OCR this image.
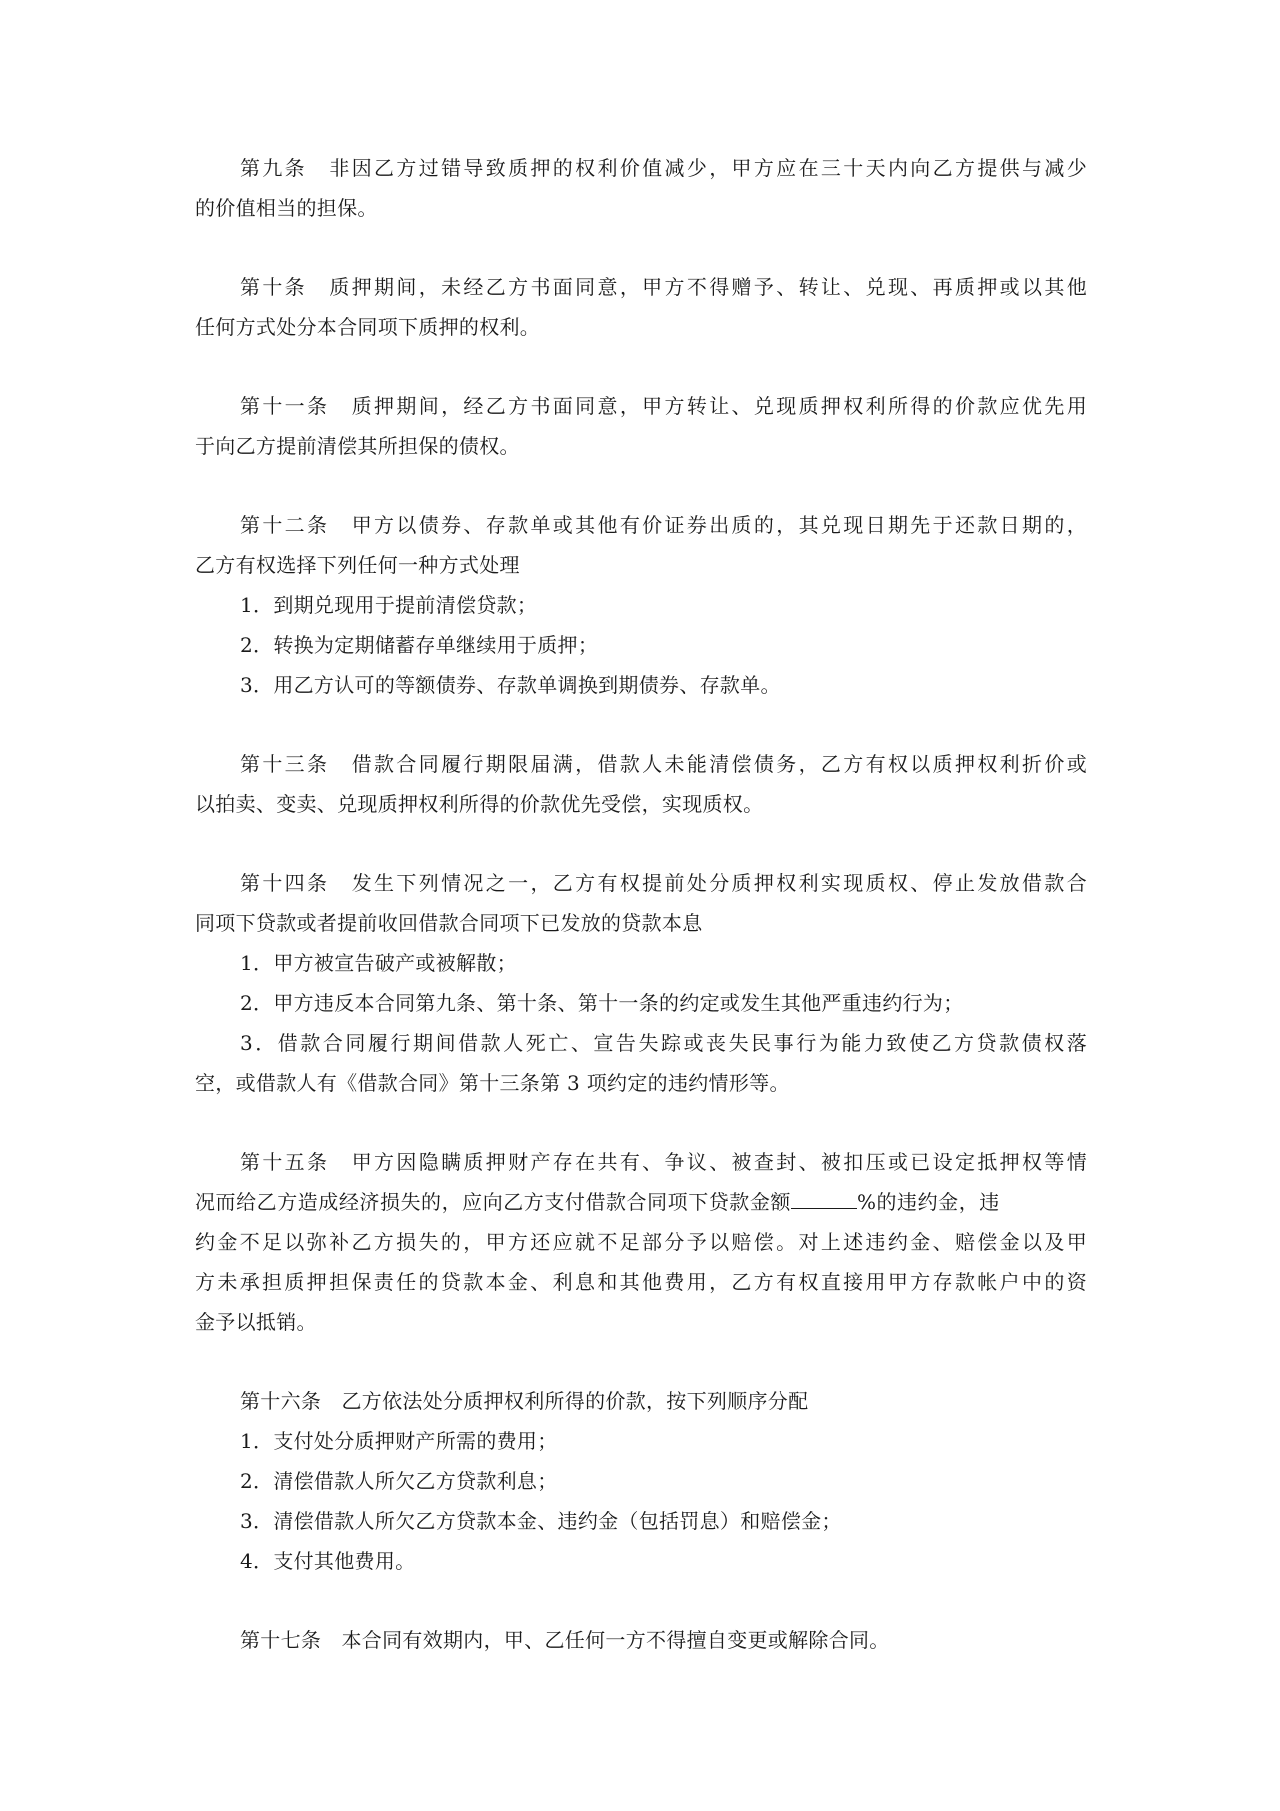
第九条　非因乙方过错导致质押的权利价值减少，甲方应在三十天内向乙方提供与减少
的价值相当的担保。
第十条　质押期间，未经乙方书面同意，甲方不得赠予、转让、兑现、再质押或以其他
任何方式处分本合同项下质押的权利。
第十一条　质押期间，经乙方书面同意，甲方转让、兑现质押权利所得的价款应优先用
于向乙方提前清偿其所担保的债权。
第十二条　甲方以债券、存款单或其他有价证券出质的，其兑现日期先于还款日期的，
乙方有权选择下列任何一种方式处理
1．到期兑现用于提前清偿贷款；
2．转换为定期储蓄存单继续用于质押；
3．用乙方认可的等额债券、存款单调换到期债券、存款单。
第十三条　借款合同履行期限届满，借款人未能清偿债务，乙方有权以质押权利折价或
以拍卖、变卖、兑现质押权利所得的价款优先受偿，实现质权。
第十四条　发生下列情况之一，乙方有权提前处分质押权利实现质权、停止发放借款合
同项下贷款或者提前收回借款合同项下已发放的贷款本息
1．甲方被宣告破产或被解散；
2．甲方违反本合同第九条、第十条、第十一条的约定或发生其他严重违约行为；
3．借款合同履行期间借款人死亡、宣告失踪或丧失民事行为能力致使乙方贷款债权落
空，或借款人有《借款合同》第十三条第 3 项约定的违约情形等。
第十五条　甲方因隐瞒质押财产存在共有、争议、被查封、被扣压或已设定抵押权等情
况而给乙方造成经济损失的，应向乙方支付借款合同项下贷款金额	%的违约金，违
约金不足以弥补乙方损失的，甲方还应就不足部分予以赔偿。对上述违约金、赔偿金以及甲
方未承担质押担保责任的贷款本金、利息和其他费用，乙方有权直接用甲方存款帐户中的资
金予以抵销。
第十六条　乙方依法处分质押权利所得的价款，按下列顺序分配
1．支付处分质押财产所需的费用；
2．清偿借款人所欠乙方贷款利息；
3．清偿借款人所欠乙方贷款本金、违约金（包括罚息）和赔偿金；
4．支付其他费用。
第十七条　本合同有效期内，甲、乙任何一方不得擅自变更或解除合同。
